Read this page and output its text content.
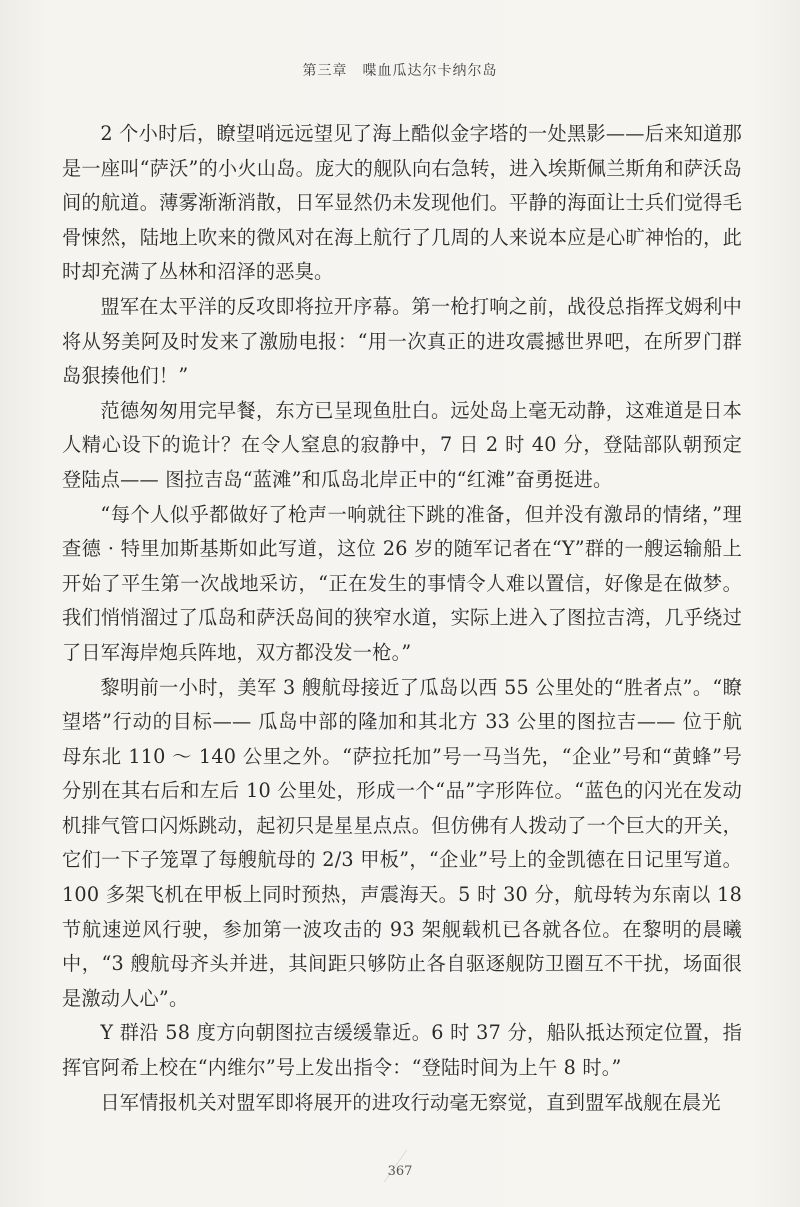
第三章　喋血瓜达尔卡纳尔岛

2 个小时后，瞭望哨远远望见了海上酷似金字塔的一处黑影——后来知道那是一座叫“萨沃”的小火山岛。庞大的舰队向右急转，进入埃斯佩兰斯角和萨沃岛间的航道。薄雾渐渐消散，日军显然仍未发现他们。平静的海面让士兵们觉得毛骨悚然，陆地上吹来的微风对在海上航行了几周的人来说本应是心旷神怡的，此时却充满了丛林和沼泽的恶臭。

盟军在太平洋的反攻即将拉开序幕。第一枪打响之前，战役总指挥戈姆利中将从努美阿及时发来了激励电报：“用一次真正的进攻震撼世界吧，在所罗门群岛狠揍他们！”

范德匆匆用完早餐，东方已呈现鱼肚白。远处岛上毫无动静，这难道是日本人精心设下的诡计？在令人窒息的寂静中，7 日 2 时 40 分，登陆部队朝预定登陆点—— 图拉吉岛“蓝滩”和瓜岛北岸正中的“红滩”奋勇挺进。

“每个人似乎都做好了枪声一响就往下跳的准备，但并没有激昂的情绪，”理查德 · 特里加斯基斯如此写道，这位 26 岁的随军记者在“Y”群的一艘运输船上开始了平生第一次战地采访，“正在发生的事情令人难以置信，好像是在做梦。我们悄悄溜过了瓜岛和萨沃岛间的狭窄水道，实际上进入了图拉吉湾，几乎绕过了日军海岸炮兵阵地，双方都没发一枪。”

黎明前一小时，美军 3 艘航母接近了瓜岛以西 55 公里处的“胜者点”。“瞭望塔”行动的目标—— 瓜岛中部的隆加和其北方 33 公里的图拉吉—— 位于航母东北 110 ～ 140 公里之外。“萨拉托加”号一马当先，“企业”号和“黄蜂”号分别在其右后和左后 10 公里处，形成一个“品”字形阵位。“蓝色的闪光在发动机排气管口闪烁跳动，起初只是星星点点。但仿佛有人拨动了一个巨大的开关，它们一下子笼罩了每艘航母的 2/3 甲板”，“企业”号上的金凯德在日记里写道。100 多架飞机在甲板上同时预热，声震海天。5 时 30 分，航母转为东南以 18 节航速逆风行驶，参加第一波攻击的 93 架舰载机已各就各位。在黎明的晨曦中，“3 艘航母齐头并进，其间距只够防止各自驱逐舰防卫圈互不干扰，场面很是激动人心”。

Y 群沿 58 度方向朝图拉吉缓缓靠近。6 时 37 分，船队抵达预定位置，指挥官阿希上校在“内维尔”号上发出指令：“登陆时间为上午 8 时。”

日军情报机关对盟军即将展开的进攻行动毫无察觉，直到盟军战舰在晨光

367
